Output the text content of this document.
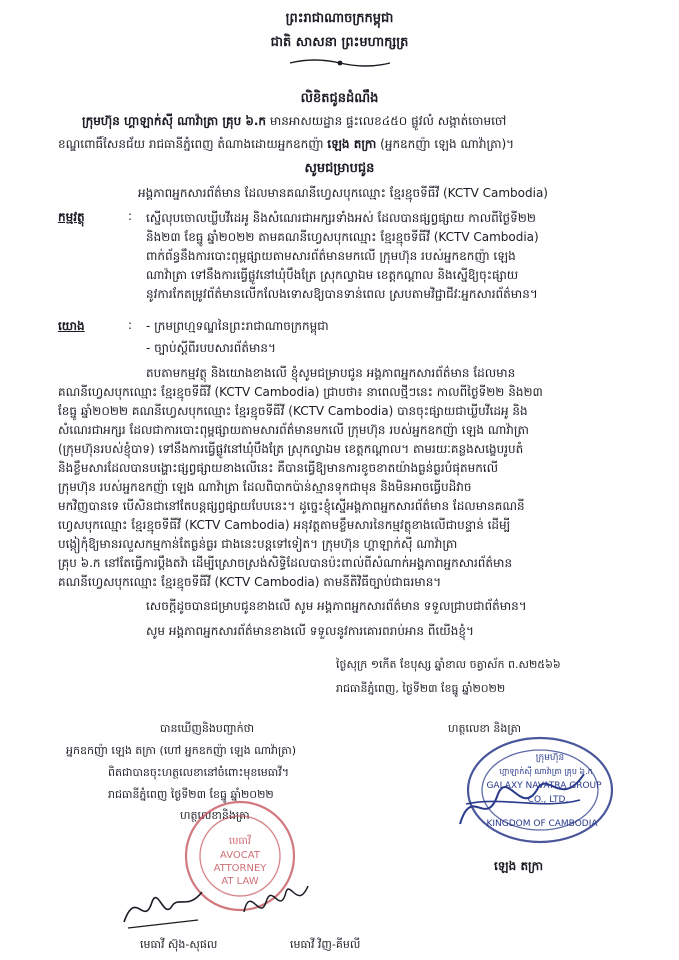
ព្រះរាជាណាចក្រកម្ពុជា
ជាតិ សាសនា ព្រះមហាក្សត្រ
លិខិតជូនដំណឹង
ក្រុមហ៊ុន ហ្គាឡាក់ស៊ី ណាវ៉ាត្រា គ្រុប ៦.ក មានអាសយដ្ឋាន ផ្ទះលេខ៤៥០ ផ្លូវលំ សង្កាត់ចោមចៅ
ខណ្ឌពោធិ៍សែនជ័យ រាជធានីភ្នំពេញ តំណាងដោយអ្នកឧកញ៉ា ឡេង តក្រា (អ្នកឧកញ៉ា ឡេង ណាវ៉ាត្រា)។
សូមជម្រាបជូន
អង្គភាពអ្នកសារព័ត៌មាន ដែលមានគណនីហ្វេសបុកឈ្មោះ ខ្មែរខ្មុចទីធីវី (KCTV Cambodia)
កម្មវត្ថុ	: ស្នើលុបចោលឃ្លីបវីដេអូ និងសំណេរជាអក្សរទាំងអស់ ដែលបានផ្សព្វផ្សាយ កាលពីថ្ងៃទី២២
និង២៣ ខែធ្នូ ឆ្នាំ២០២២ តាមគណនីហ្វេសបុកឈ្មោះ ខ្មែរខ្មុចទីធីវី (KCTV Cambodia)
ពាក់ព័ន្ធនឹងការបោះពុម្ពផ្សាយតាមសារព័ត៌មានមកលើ ក្រុមហ៊ុន របស់អ្នកឧកញ៉ា ឡេង
ណាវ៉ាត្រា ទៅនឹងការធ្វើផ្លូវនៅឃុំបឹងត្រែ ស្រុកល្វាឯម ខេត្តកណ្តាល និងស្នើឱ្យចុះផ្សាយ
នូវការកែតម្រូវព័ត៌មានលើកលែងទោសឱ្យបានទាន់ពេល ស្របតាមវិជ្ជាជីវៈអ្នកសារព័ត៌មាន។
យោង	: - ក្រមព្រហ្មទណ្ឌនៃព្រះរាជាណាចក្រកម្ពុជា
- ច្បាប់ស្តីពីរបបសារព័ត៌មាន។
តបតាមកម្មវត្ថុ និងយោងខាងលើ ខ្ញុំសូមជម្រាបជូន អង្គភាពអ្នកសារព័ត៌មាន ដែលមាន
គណនីហ្វេសបុកឈ្មោះ ខ្មែរខ្មុចទីធីវី (KCTV Cambodia) ជ្រាបថា៖ នាពេលថ្មីៗនេះ កាលពីថ្ងៃទី២២ និង២៣
ខែធ្នូ ឆ្នាំ២០២២ គណនីហ្វេសបុកឈ្មោះ ខ្មែរខ្មុចទីធីវី (KCTV Cambodia) បានចុះផ្សាយជាឃ្លីបវីដេអូ និង
សំណេរជាអក្សរ ដែលជាការបោះពុម្ពផ្សាយតាមសារព័ត៌មានមកលើ ក្រុមហ៊ុន របស់អ្នកឧកញ៉ា ឡេង ណាវ៉ាត្រា
(ក្រុមហ៊ុនរបស់ខ្ញុំបាទ) ទៅនឹងការធ្វើផ្លូវនៅឃុំបឹងត្រែ ស្រុកល្វាឯម ខេត្តកណ្តាល។ តាមរយៈគន្លងសង្ខេបរូបតំ
និងខ្លឹមសារដែលបានបង្ហោះផ្សព្វផ្សាយខាងលើនេះ គឺបានធ្វើឱ្យមានការខូចខាតយ៉ាងធ្ងន់ធ្ងរបំផុតមកលើ
ក្រុមហ៊ុន របស់អ្នកឧកញ៉ា ឡេង ណាវ៉ាត្រា ដែលពិបាកប៉ាន់ស្មានទុកជាមុន និងមិនអាចធ្វើបដិវាច
មកវិញបានទេ បើសិនជានៅតែបន្តផ្សព្វផ្សាយបែបនេះ។ ដូច្នេះខ្ញុំស្នើអង្គភាពអ្នកសារព័ត៌មាន ដែលមានគណនី
ហ្វេសបុកឈ្មោះ ខ្មែរខ្មុចទីធីវី (KCTV Cambodia) អនុវត្តតាមខ្លឹមសារនៃកម្មវត្ថុខាងលើជាបន្ទាន់ ដើម្បី
បង្កៀកុំឱ្យមានរលួសកម្មកាន់តែធ្ងន់ធ្ងរ ជាងនេះបន្តទៅទៀត។ ក្រុមហ៊ុន ហ្គាឡាក់ស៊ី ណាវ៉ាត្រា
គ្រុប ៦.ក នៅតែធ្វើការប្តឹងតវ៉ា ដើម្បីស្រោចស្រង់សិទ្ធិដែលបានប៉ះពាល់ពីសំណាក់អង្គភាពអ្នកសារព័ត៌មាន
គណនីហ្វេសបុកឈ្មោះ ខ្មែរខ្មុចទីធីវី (KCTV Cambodia) តាមនីតិវិធីច្បាប់ជាធរមាន។
សេចក្តីដូចបានជម្រាបជូនខាងលើ សូម អង្គភាពអ្នកសារព័ត៌មាន ទទួលជ្រាបជាព័ត៌មាន។
សូម អង្គភាពអ្នកសារព័ត៌មានខាងលើ ទទួលនូវការគោរពរាប់អាន ពីយើងខ្ញុំ។
ថ្ងៃសុក្រ ១កើត ខែបុស្ស ឆ្នាំខាល ចត្វាស័ក ព.ស២៥៦៦
រាជធានីភ្នំពេញ, ថ្ងៃទី២៣ ខែធ្នូ ឆ្នាំ២០២២
បានឃើញនិងបញ្ជាក់ថា
អ្នកឧកញ៉ា ឡេង តក្រា (ហៅ អ្នកឧកញ៉ា ឡេង ណាវ៉ាត្រា)
ពិតជាបានចុះហត្ថលេខានៅចំពោះមុខមេធាវី។
រាជធានីភ្នំពេញ ថ្ងៃទី២៣ ខែធ្នូ ឆ្នាំ២០២២
ហត្ថលេខានិងត្រា
មេធាវី
AVOCAT
ATTORNEY
AT LAW
មេធាវី ស៊ុង-សុផល	មេធាវី វិញ-គីមលី
ហត្ថលេខា និងត្រា
ក្រុមហ៊ុន
ហ្គាឡាក់ស៊ី ណាវ៉ាត្រា គ្រុប ៦.ក
GALAXY NAVATRA GROUP
CO., LTD.
KINGDOM OF CAMBODIA
ឡេង តក្រា
